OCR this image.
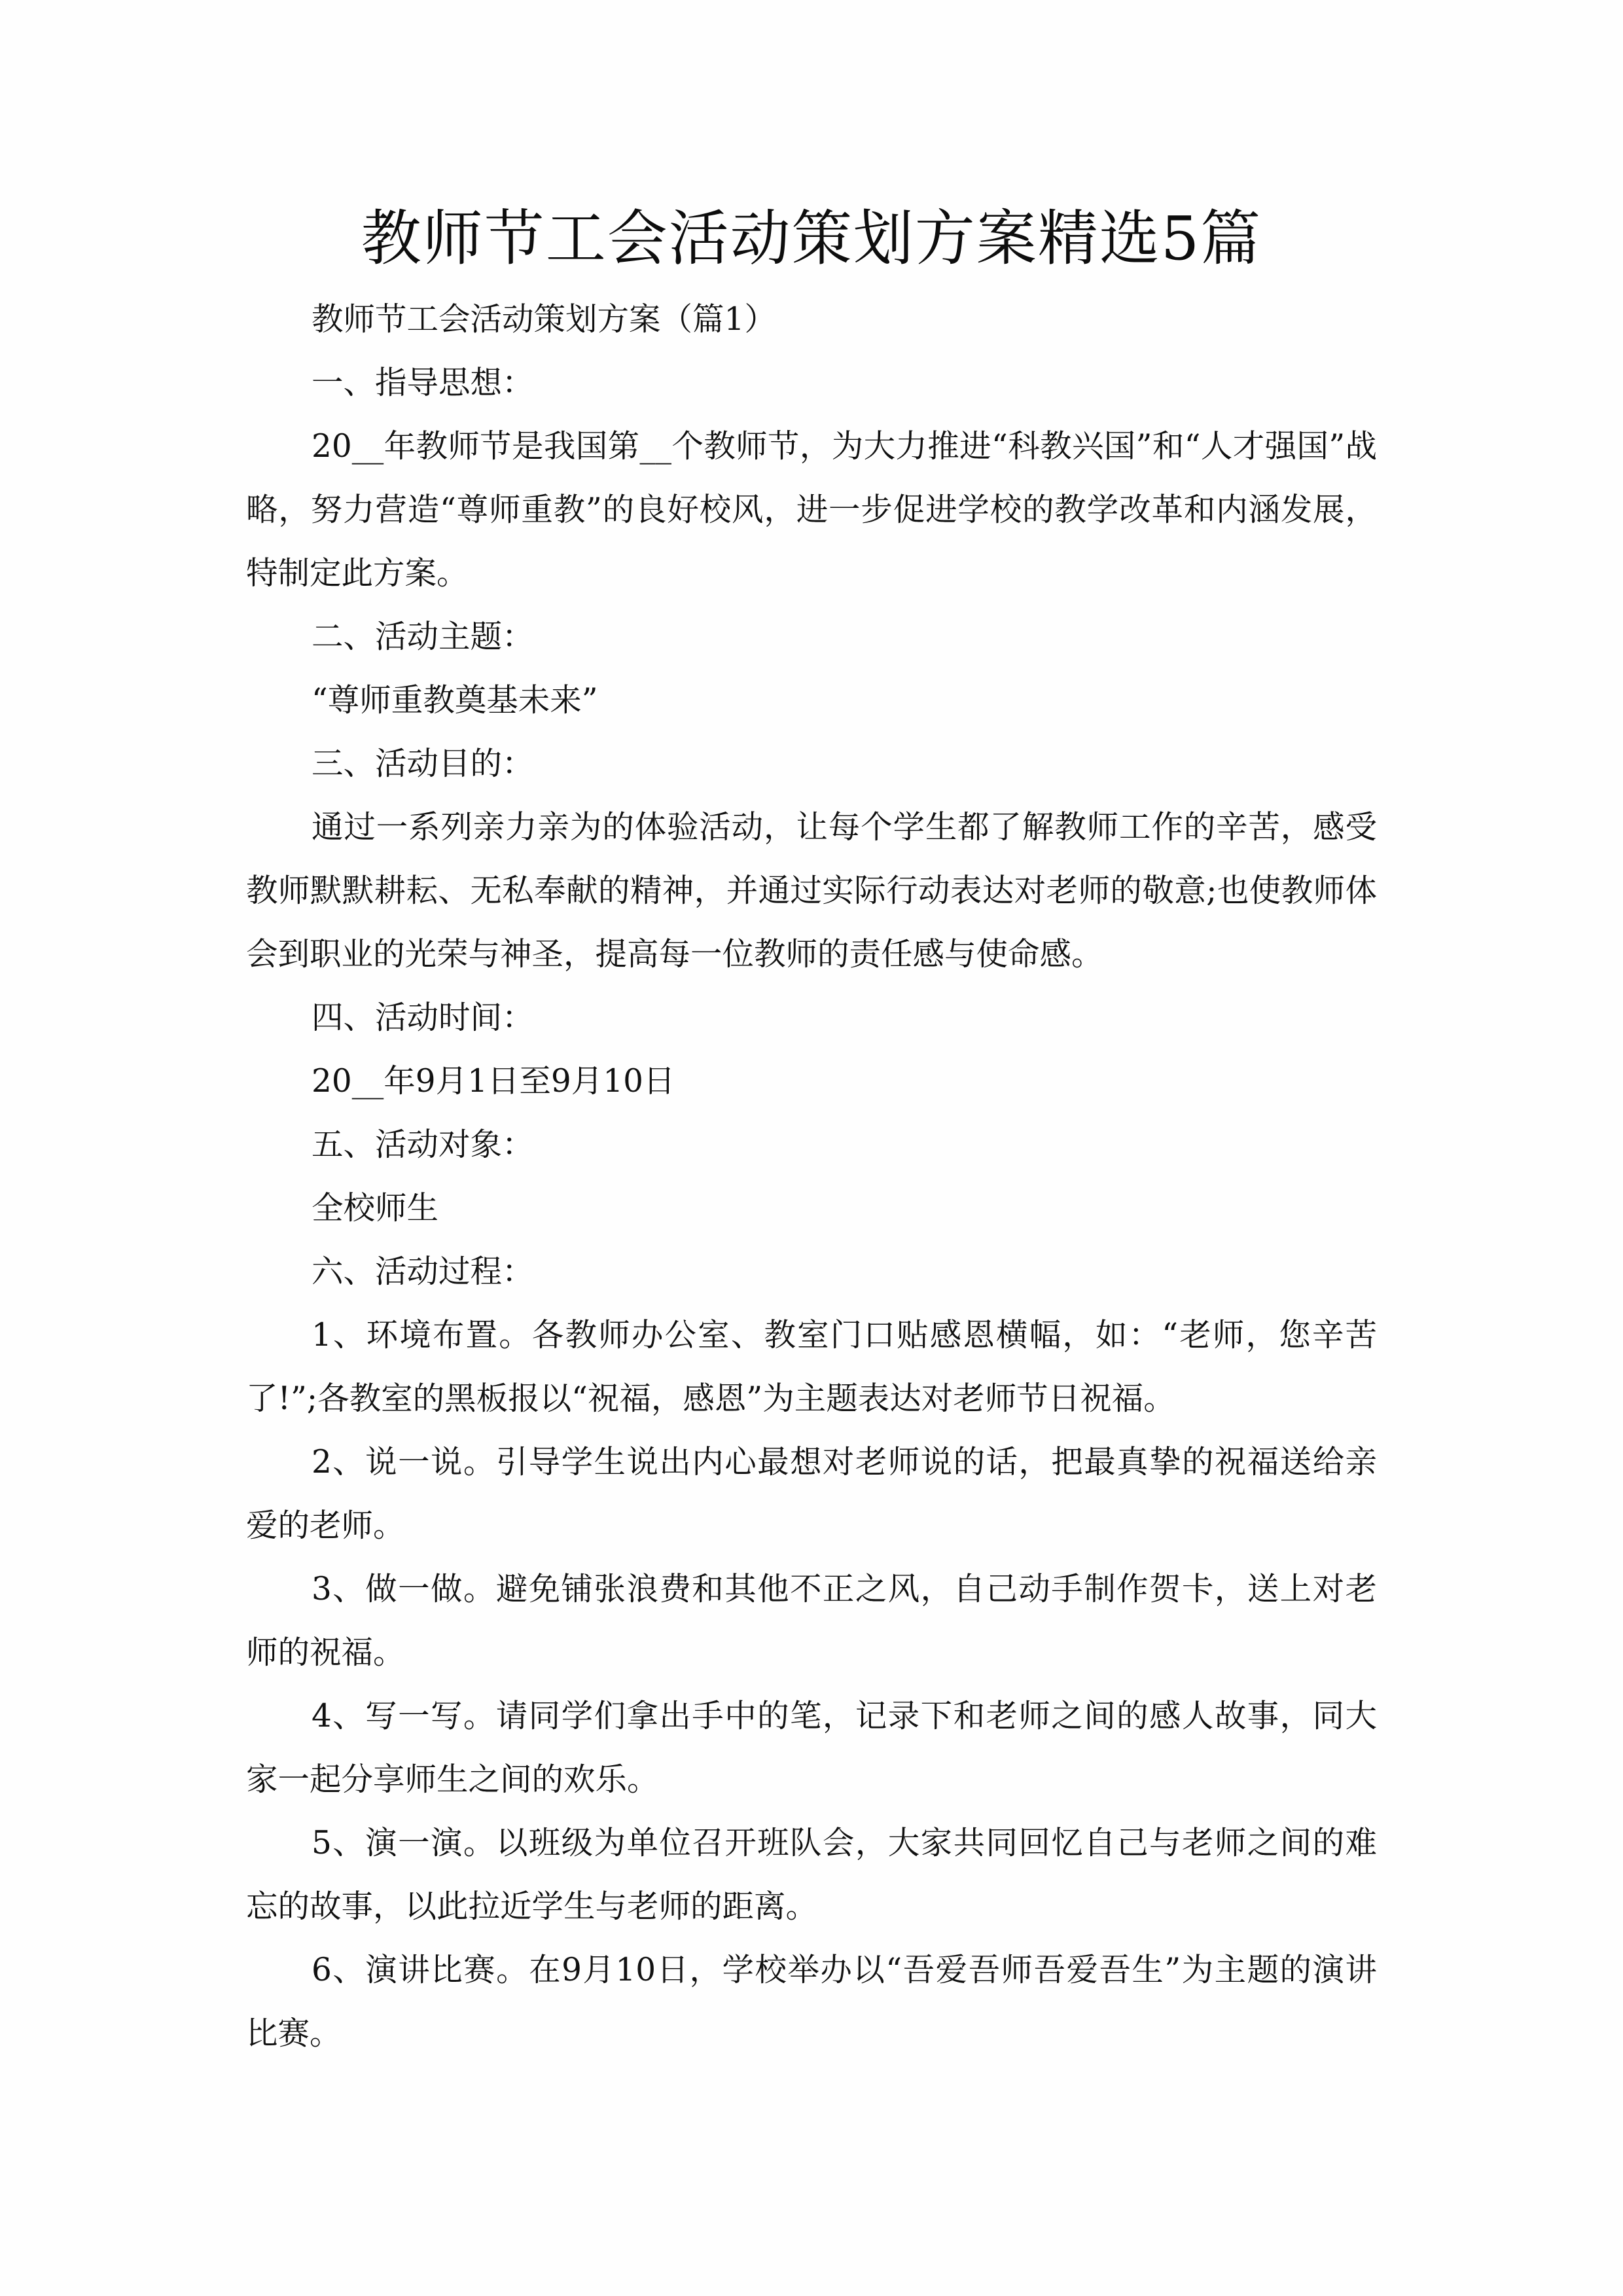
教师节工会活动策划方案精选5篇

教师节工会活动策划方案（篇1）

一、指导思想：

20__年教师节是我国第__个教师节，为大力推进“科教兴国”和“人才强国”战略，努力营造“尊师重教”的良好校风，进一步促进学校的教学改革和内涵发展，特制定此方案。

二、活动主题：

“尊师重教奠基未来”

三、活动目的：

通过一系列亲力亲为的体验活动，让每个学生都了解教师工作的辛苦，感受教师默默耕耘、无私奉献的精神，并通过实际行动表达对老师的敬意;也使教师体会到职业的光荣与神圣，提高每一位教师的责任感与使命感。

四、活动时间：

20__年9月1日至9月10日

五、活动对象：

全校师生

六、活动过程：

1、环境布置。各教师办公室、教室门口贴感恩横幅，如：“老师，您辛苦了!”;各教室的黑板报以“祝福，感恩”为主题表达对老师节日祝福。

2、说一说。引导学生说出内心最想对老师说的话，把最真挚的祝福送给亲爱的老师。

3、做一做。避免铺张浪费和其他不正之风，自己动手制作贺卡，送上对老师的祝福。

4、写一写。请同学们拿出手中的笔，记录下和老师之间的感人故事，同大家一起分享师生之间的欢乐。

5、演一演。以班级为单位召开班队会，大家共同回忆自己与老师之间的难忘的故事，以此拉近学生与老师的距离。

6、演讲比赛。在9月10日，学校举办以“吾爱吾师吾爱吾生”为主题的演讲比赛。
